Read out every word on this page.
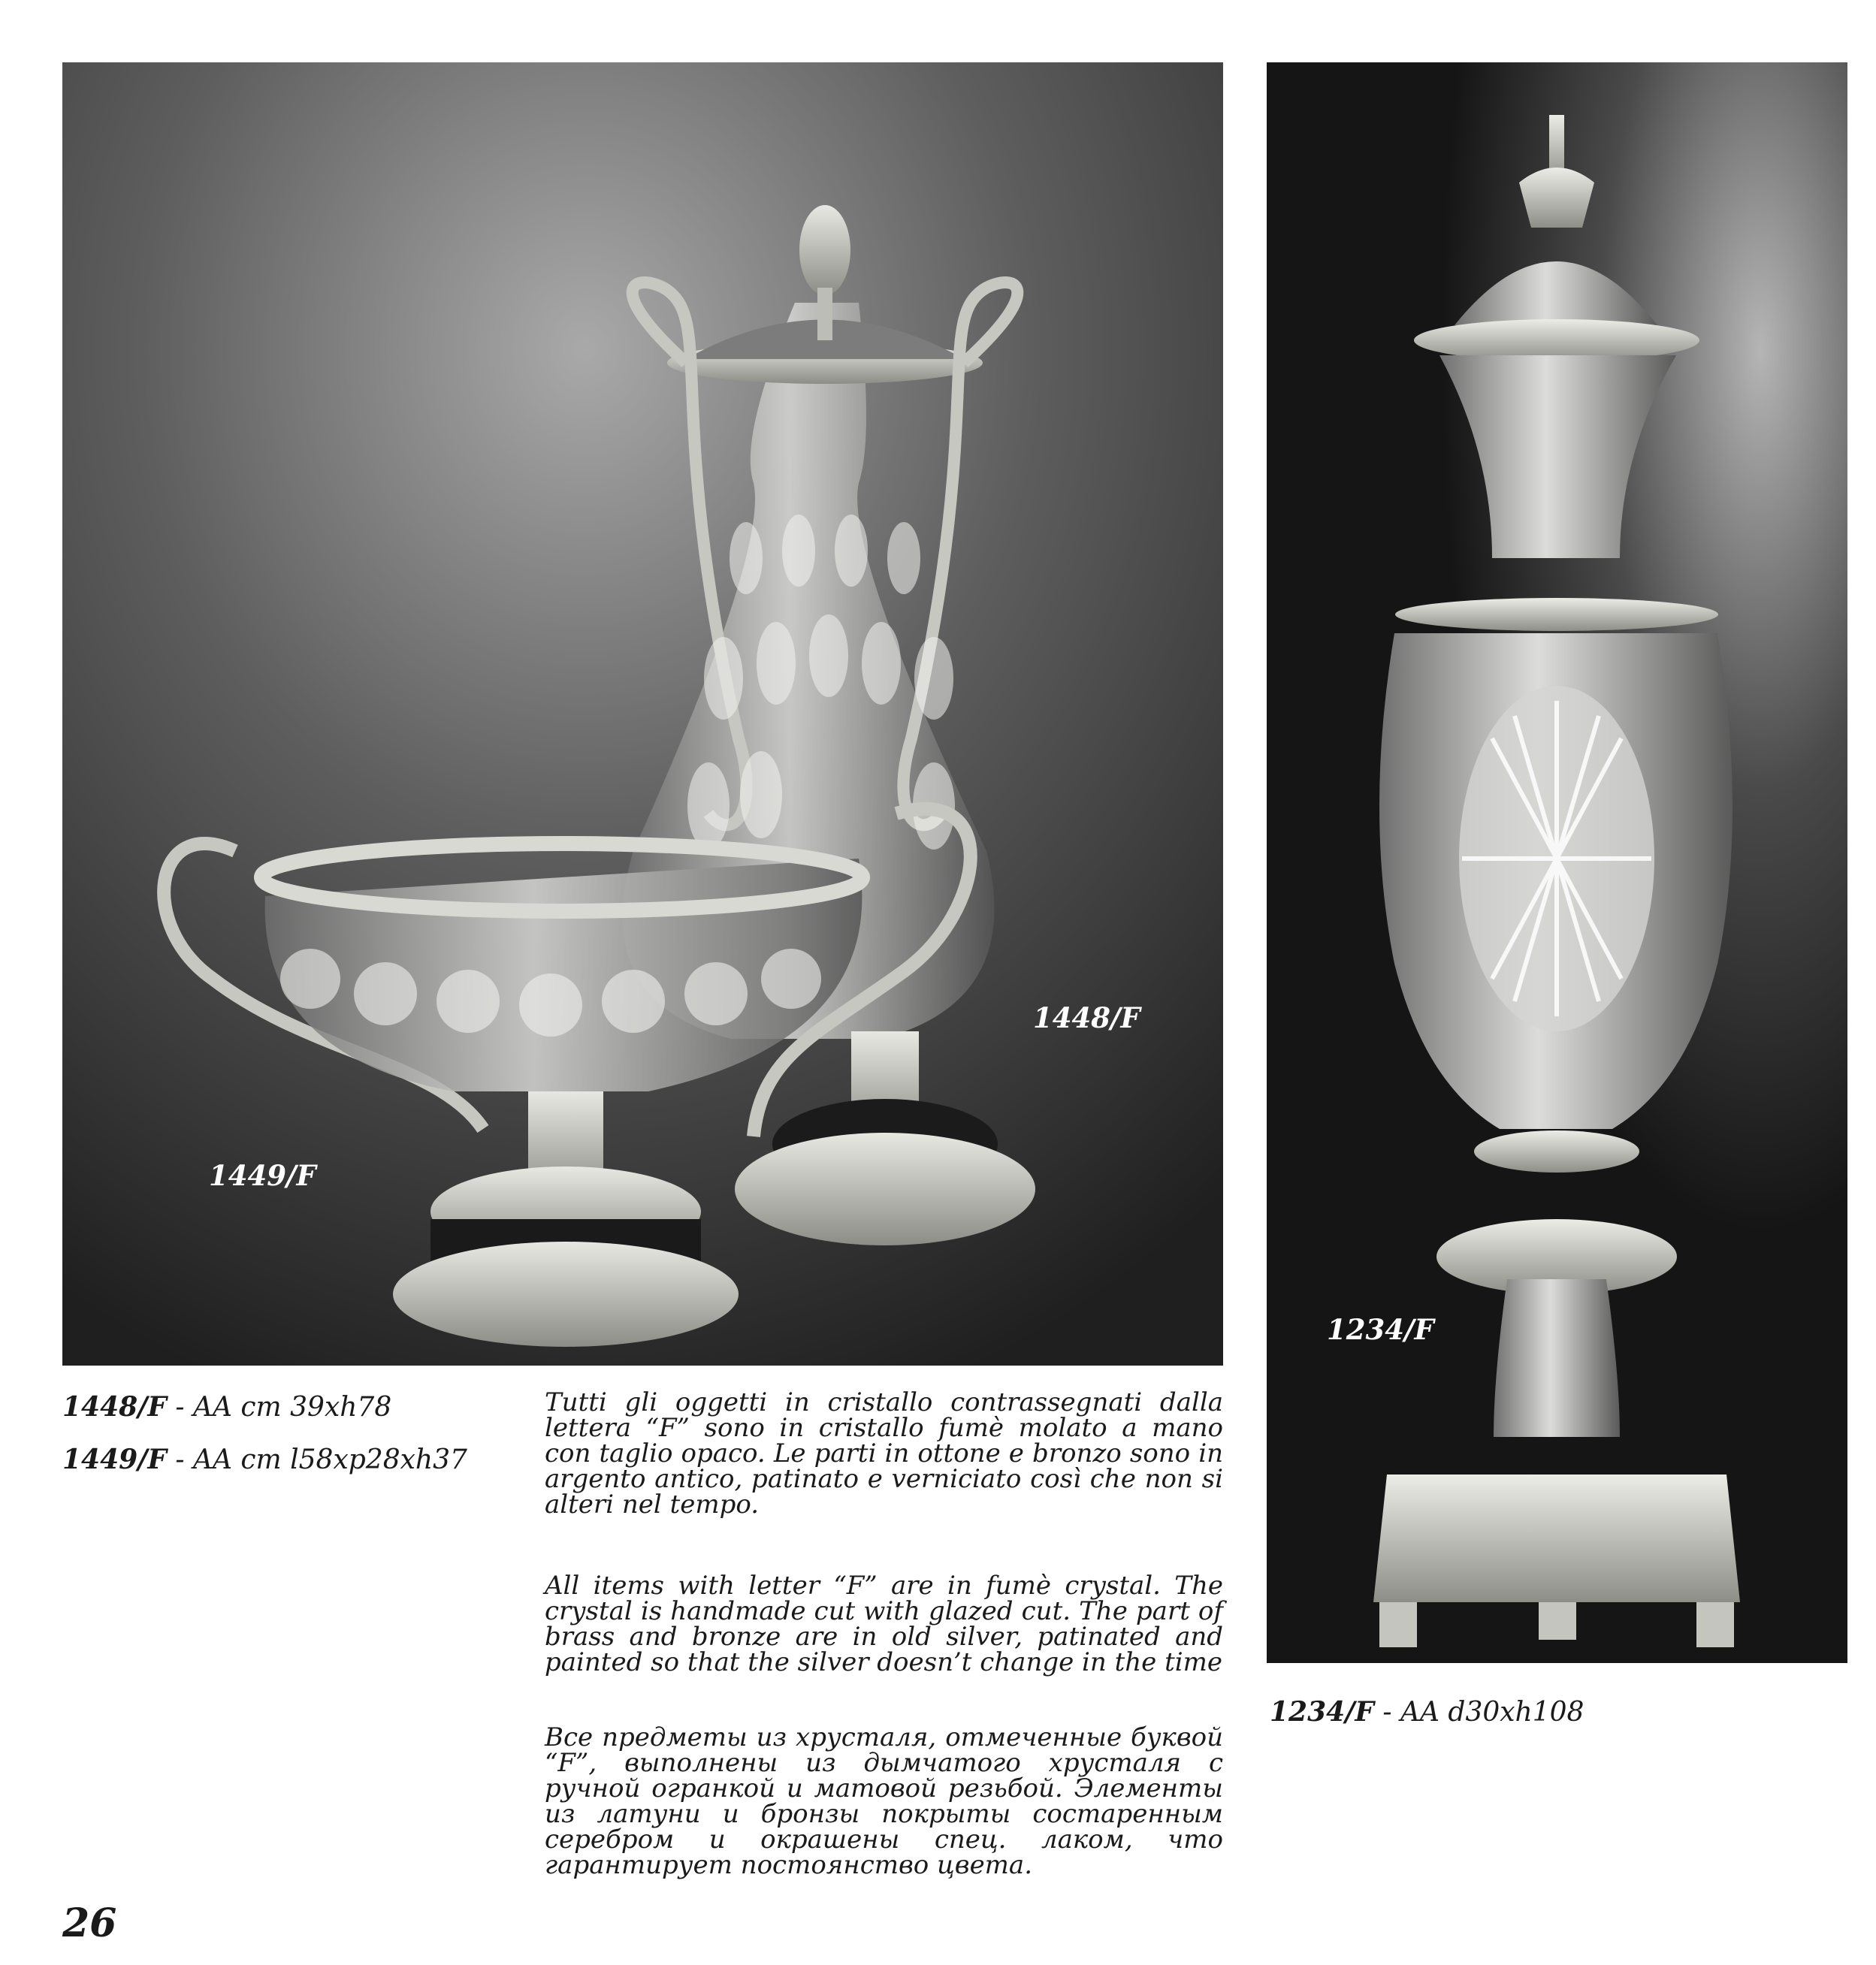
1448/F
1449/F
1234/F
1448/F - AA cm 39xh78
1449/F - AA cm l58xp28xh37
1234/F - AA d30xh108

Tutti gli oggetti in cristallo contrassegnati dalla lettera “F” sono in cristallo fumè molato a mano con taglio opaco. Le parti in ottone e bronzo sono in argento antico, patinato e verniciato così che non si alteri nel tempo.

All items with letter “F” are in fumè crystal. The crystal is handmade cut with glazed cut. The part of brass and bronze are in old silver, patinated and painted so that the silver doesn’t change in the time

Все предметы из хрусталя, отмеченные буквой “F”, выполнены из дымчатого хрусталя с ручной огранкой и матовой резьбой. Элементы из латуни и бронзы покрыты состаренным серебром и окрашены спец. лаком, что гарантирует постоянство цвета.

26
